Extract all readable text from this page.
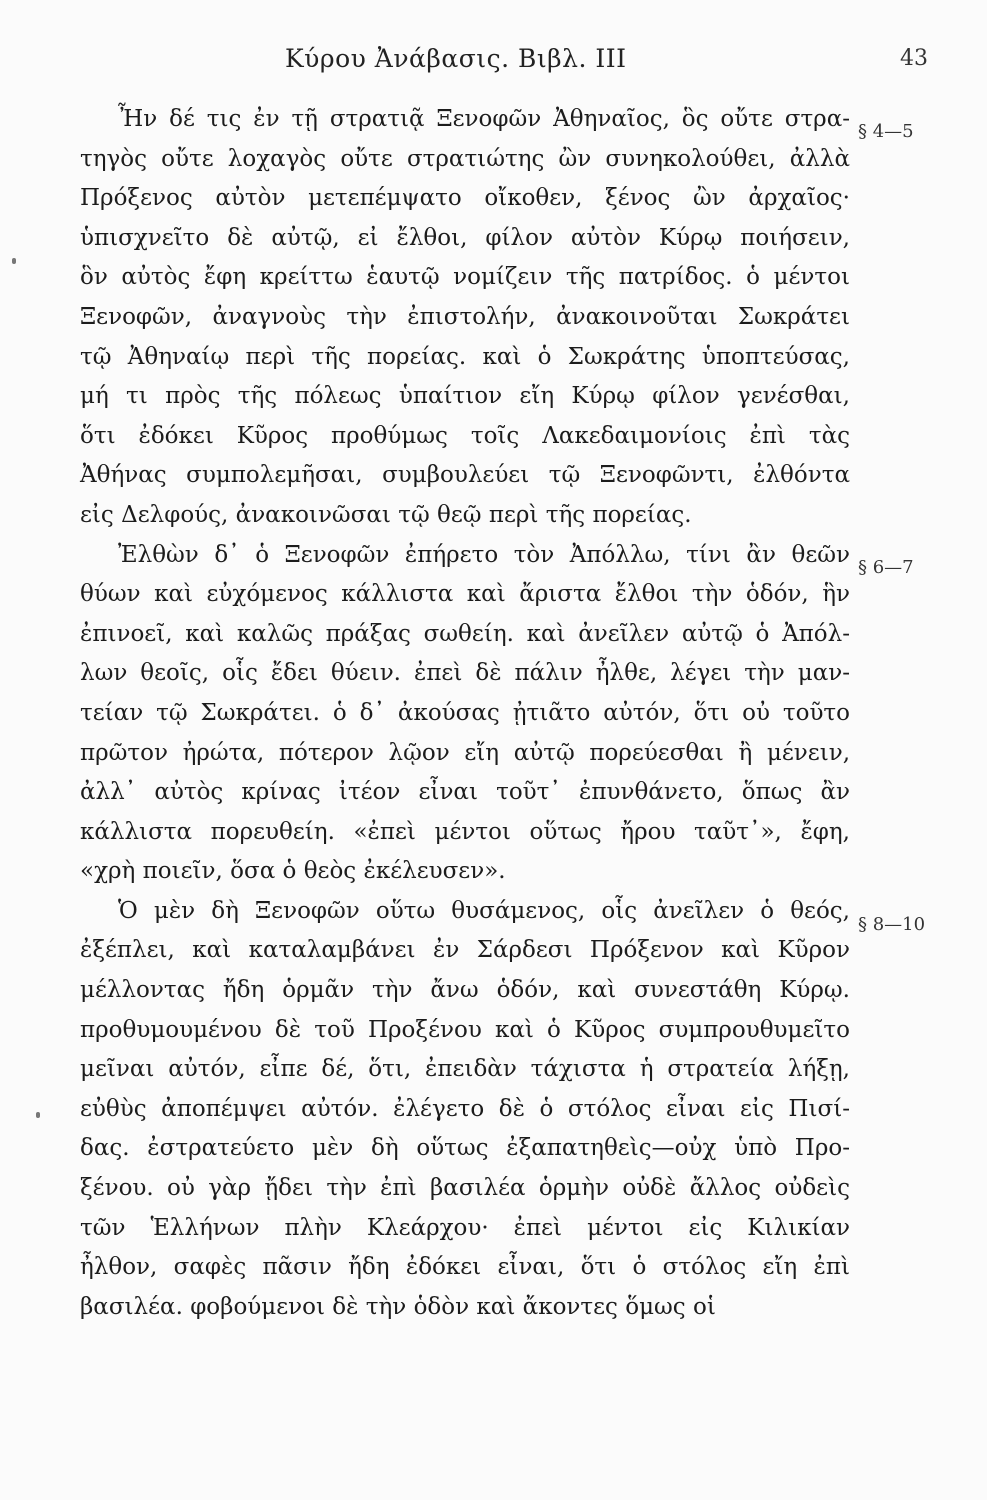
Κύρου Ἀνάβασις. Βιβλ. III	43
Ἦν δέ τις ἐν τῇ στρατιᾷ Ξενοφῶν Ἀθηναῖος, ὃς οὔτε στρα-
τηγὸς οὔτε λοχαγὸς οὔτε στρατιώτης ὢν συνηκολούθει, ἀλλὰ
Πρόξενος αὐτὸν μετεπέμψατο οἴκοθεν, ξένος ὢν ἀρχαῖος·
ὑπισχνεῖτο δὲ αὐτῷ, εἰ ἔλθοι, φίλον αὐτὸν Κύρῳ ποιήσειν,
ὃν αὐτὸς ἔφη κρείττω ἑαυτῷ νομίζειν τῆς πατρίδος. ὁ μέντοι
Ξενοφῶν, ἀναγνοὺς τὴν ἐπιστολήν, ἀνακοινοῦται Σωκράτει
τῷ Ἀθηναίῳ περὶ τῆς πορείας. καὶ ὁ Σωκράτης ὑποπτεύσας,
μή τι πρὸς τῆς πόλεως ὑπαίτιον εἴη Κύρῳ φίλον γενέσθαι,
ὅτι ἐδόκει Κῦρος προθύμως τοῖς Λακεδαιμονίοις ἐπὶ τὰς
Ἀθήνας συμπολεμῆσαι, συμβουλεύει τῷ Ξενοφῶντι, ἐλθόντα
εἰς Δελφούς, ἀνακοινῶσαι τῷ θεῷ περὶ τῆς πορείας.
Ἐλθὼν δ᾽ ὁ Ξενοφῶν ἐπήρετο τὸν Ἀπόλλω, τίνι ἂν θεῶν
θύων καὶ εὐχόμενος κάλλιστα καὶ ἄριστα ἔλθοι τὴν ὁδόν, ἣν
ἐπινοεῖ, καὶ καλῶς πράξας σωθείη. καὶ ἀνεῖλεν αὐτῷ ὁ Ἀπόλ-
λων θεοῖς, οἷς ἔδει θύειν. ἐπεὶ δὲ πάλιν ἦλθε, λέγει τὴν μαν-
τείαν τῷ Σωκράτει. ὁ δ᾽ ἀκούσας ᾐτιᾶτο αὐτόν, ὅτι οὐ τοῦτο
πρῶτον ἠρώτα, πότερον λῷον εἴη αὐτῷ πορεύεσθαι ἢ μένειν,
ἀλλ᾽ αὐτὸς κρίνας ἰτέον εἶναι τοῦτ᾽ ἐπυνθάνετο, ὅπως ἂν
κάλλιστα πορευθείη. «ἐπεὶ μέντοι οὕτως ἤρου ταῦτ᾽», ἔφη,
«χρὴ ποιεῖν, ὅσα ὁ θεὸς ἐκέλευσεν».
Ὁ μὲν δὴ Ξενοφῶν οὕτω θυσάμενος, οἷς ἀνεῖλεν ὁ θεός,
ἐξέπλει, καὶ καταλαμβάνει ἐν Σάρδεσι Πρόξενον καὶ Κῦρον
μέλλοντας ἤδη ὁρμᾶν τὴν ἄνω ὁδόν, καὶ συνεστάθη Κύρῳ.
προθυμουμένου δὲ τοῦ Προξένου καὶ ὁ Κῦρος συμπρουθυμεῖτο
μεῖναι αὐτόν, εἶπε δέ, ὅτι, ἐπειδὰν τάχιστα ἡ στρατεία λήξῃ,
εὐθὺς ἀποπέμψει αὐτόν. ἐλέγετο δὲ ὁ στόλος εἶναι εἰς Πισί-
δας. ἐστρατεύετο μὲν δὴ οὕτως ἐξαπατηθεὶς—οὐχ ὑπὸ Προ-
ξένου. οὐ γὰρ ᾔδει τὴν ἐπὶ βασιλέα ὁρμὴν οὐδὲ ἄλλος οὐδεὶς
τῶν Ἑλλήνων πλὴν Κλεάρχου· ἐπεὶ μέντοι εἰς Κιλικίαν
ἦλθον, σαφὲς πᾶσιν ἤδη ἐδόκει εἶναι, ὅτι ὁ στόλος εἴη ἐπὶ
βασιλέα. φοβούμενοι δὲ τὴν ὁδὸν καὶ ἄκοντες ὅμως οἱ
§ 4—5
§ 6—7
§ 8—10
